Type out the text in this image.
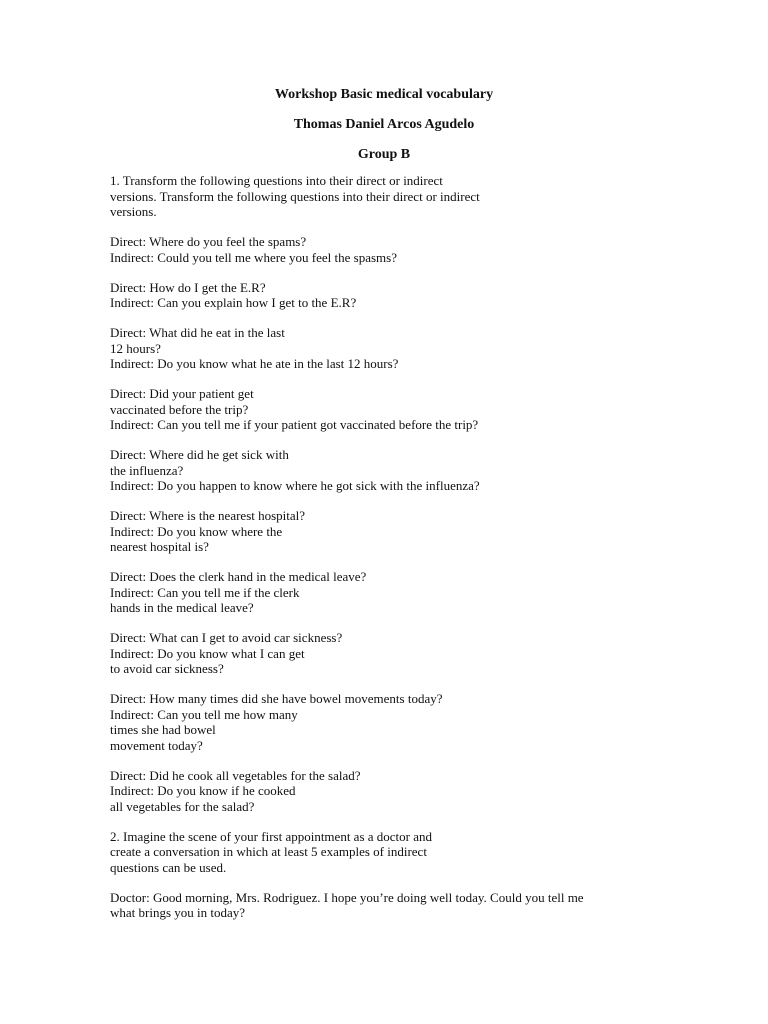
Workshop Basic medical vocabulary
Thomas Daniel Arcos Agudelo
Group B
1. Transform the following questions into their direct or indirect
versions. Transform the following questions into their direct or indirect
versions.
Direct: Where do you feel the spams?
Indirect: Could you tell me where you feel the spasms?
Direct: How do I get the E.R?
Indirect: Can you explain how I get to the E.R?
Direct: What did he eat in the last
12 hours?
Indirect: Do you know what he ate in the last 12 hours?
Direct: Did your patient get
vaccinated before the trip?
Indirect: Can you tell me if your patient got vaccinated before the trip?
Direct: Where did he get sick with
the influenza?
Indirect: Do you happen to know where he got sick with the influenza?
Direct: Where is the nearest hospital?
Indirect: Do you know where the
nearest hospital is?
Direct: Does the clerk hand in the medical leave?
Indirect: Can you tell me if the clerk
hands in the medical leave?
Direct: What can I get to avoid car sickness?
Indirect: Do you know what I can get
to avoid car sickness?
Direct: How many times did she have bowel movements today?
Indirect: Can you tell me how many
times she had bowel
movement today?
Direct: Did he cook all vegetables for the salad?
Indirect: Do you know if he cooked
all vegetables for the salad?
2. Imagine the scene of your first appointment as a doctor and
create a conversation in which at least 5 examples of indirect
questions can be used.
Doctor: Good morning, Mrs. Rodriguez. I hope you’re doing well today. Could you tell me
what brings you in today?
